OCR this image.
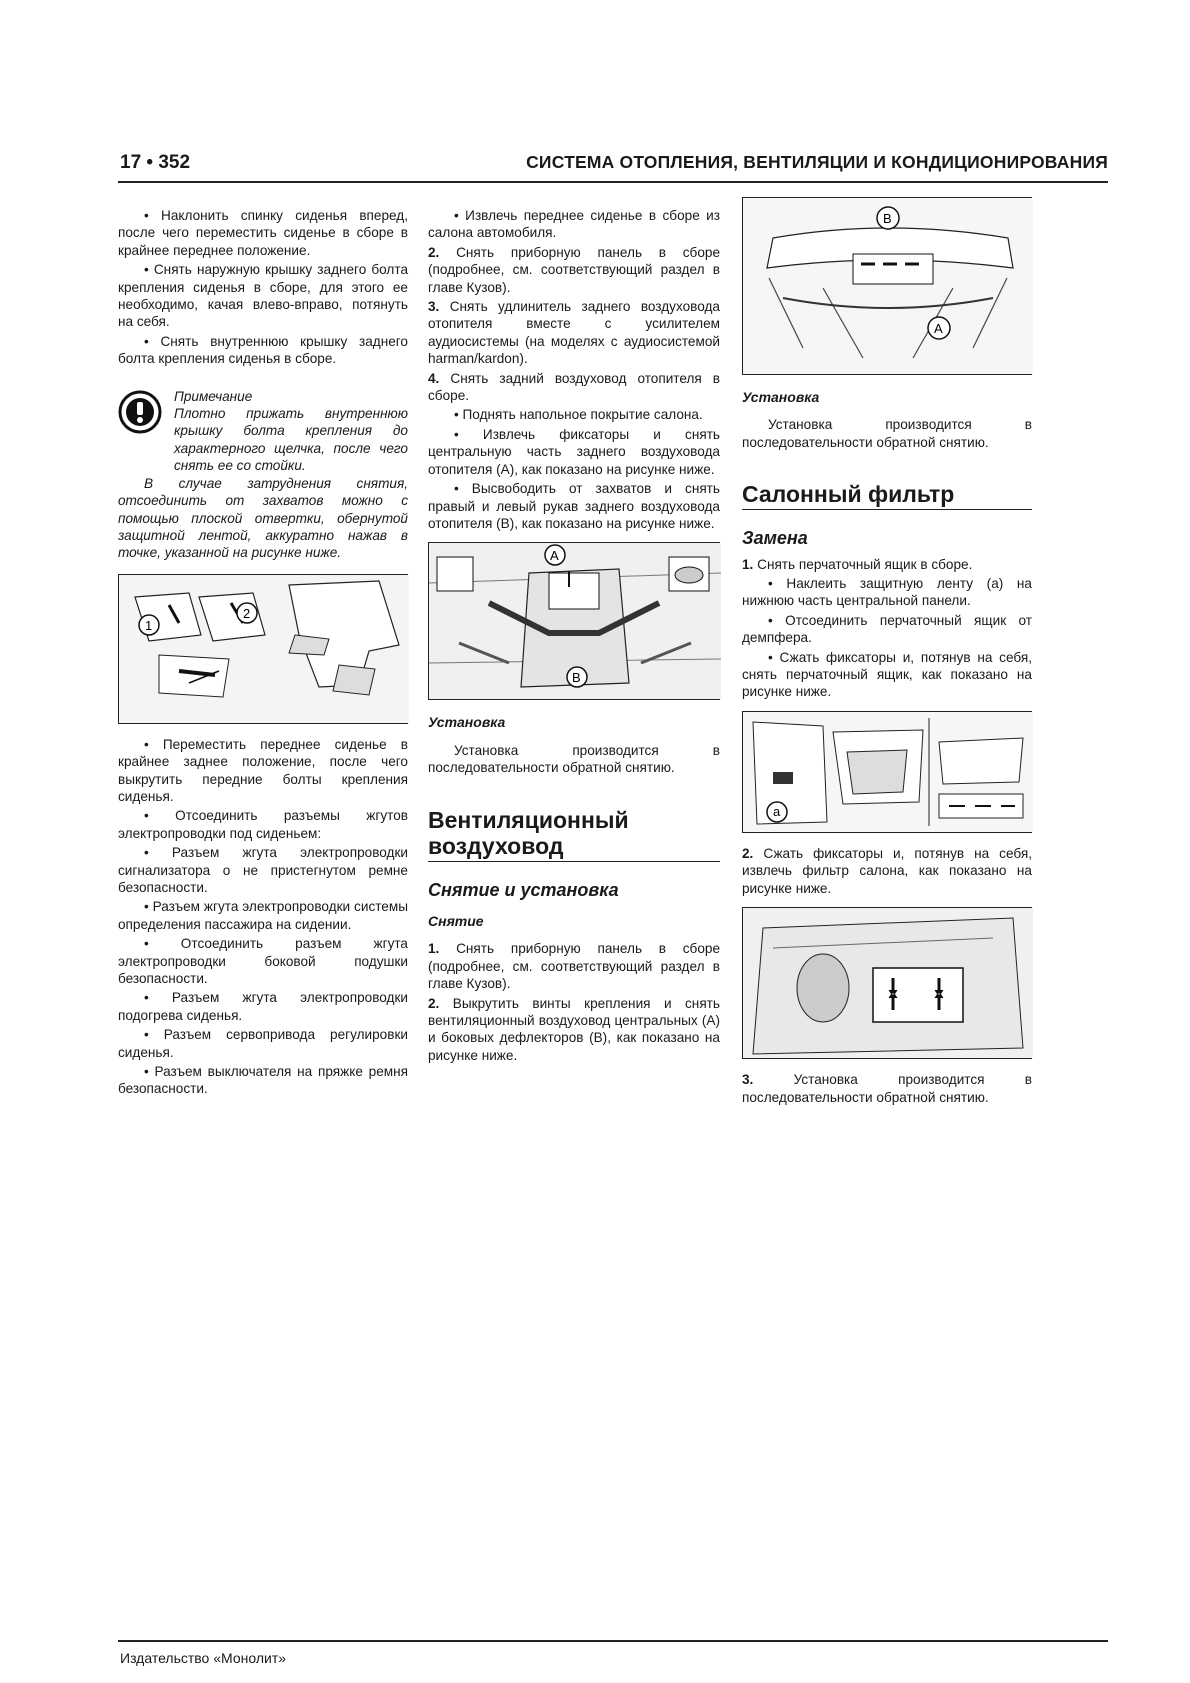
17 • 352	СИСТЕМА ОТОПЛЕНИЯ, ВЕНТИЛЯЦИИ И КОНДИЦИОНИРОВАНИЯ

• Наклонить спинку сиденья вперед, после чего переместить сиденье в сборе в крайнее переднее положение.

• Снять наружную крышку заднего болта крепления сиденья в сборе, для этого ее необходимо, качая влево-вправо, потянуть на себя.

• Снять внутреннюю крышку заднего болта крепления сиденья в сборе.

Примечание

Плотно прижать внутреннюю крышку болта крепления до характерного щелчка, после чего снять ее со стойки.

В случае затруднения снятия, отсоединить от захватов можно с помощью плоской отвертки, обернутой защитной лентой, аккуратно нажав в точке, указанной на рисунке ниже.

1
2

• Переместить переднее сиденье в крайнее заднее положение, после чего выкрутить передние болты крепления сиденья.

• Отсоединить разъемы жгутов электропроводки под сиденьем:

• Разъем жгута электропроводки сигнализатора о не пристегнутом ремне безопасности.

• Разъем жгута электропроводки системы определения пассажира на сидении.

• Отсоединить разъем жгута электропроводки боковой подушки безопасности.

• Разъем жгута электропроводки подогрева сиденья.

• Разъем сервопривода регулировки сиденья.

• Разъем выключателя на пряжке ремня безопасности.

• Извлечь переднее сиденье в сборе из салона автомобиля.

2. Снять приборную панель в сборе (подробнее, см. соответствующий раздел в главе Кузов).

3. Снять удлинитель заднего воздуховода отопителя вместе с усилителем аудиосистемы (на моделях с аудиосистемой harman/kardon).

4. Снять задний воздуховод отопителя в сборе.

• Поднять напольное покрытие салона.

• Извлечь фиксаторы и снять центральную часть заднего воздуховода отопителя (A), как показано на рисунке ниже.

• Высвободить от захватов и снять правый и левый рукав заднего воздуховода отопителя (B), как показано на рисунке ниже.

A
B
Установка

Установка производится в последовательности обратной снятию.

Вентиляционный воздуховод
Снятие и установка
Снятие

1. Снять приборную панель в сборе (подробнее, см. соответствующий раздел в главе Кузов).

2. Выкрутить винты крепления и снять вентиляционный воздуховод центральных (A) и боковых дефлекторов (B), как показано на рисунке ниже.

B
A
Установка

Установка производится в последовательности обратной снятию.

Салонный фильтр
Замена

1. Снять перчаточный ящик в сборе.

• Наклеить защитную ленту (a) на нижнюю часть центральной панели.

• Отсоединить перчаточный ящик от демпфера.

• Сжать фиксаторы и, потянув на себя, снять перчаточный ящик, как показано на рисунке ниже.

a

2. Сжать фиксаторы и, потянув на себя, извлечь фильтр салона, как показано на рисунке ниже.

3.	Установка производится в последовательности обратной снятию.

Издательство «Монолит»
